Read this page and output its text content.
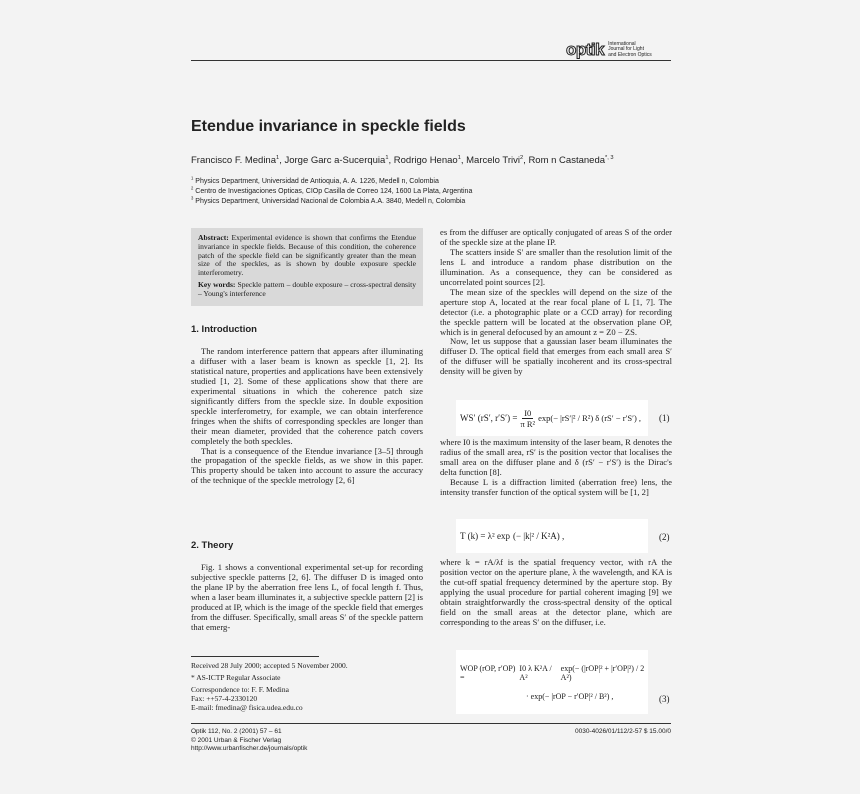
optik International
Journal for Light
and Electron Optics
Etendue invariance in speckle fields
Francisco F. Medina$^1$, Jorge Garc a-Sucerquia$^1$, Rodrigo Henao$^1$, Marcelo Trivi$^2$, Rom n Castaneda$^{*, 3}$
$^1$ Physics Department, Universidad de Antioquia, A. A. 1226, Medell n, Colombia
$^2$ Centro de Investigaciones Opticas, CIOp Casilla de Correo 124, 1600 La Plata, Argentina
$^3$ Physics Department, Universidad Nacional de Colombia A.A. 3840, Medell n, Colombia
Abstract: Experimental evidence is shown that confirms the Etendue invariance in speckle fields. Because of this condition, the coherence patch of the speckle field can be significantly greater than the mean size of the speckles, as is shown by double exposure speckle interferometry.
Key words: Speckle pattern – double exposure – cross-spectral density – Young's interference
1. Introduction

The random interference pattern that appears after illuminating a diffuser with a laser beam is known as speckle [1, 2]. Its statistical nature, properties and applications have been extensively studied [1, 2]. Some of these applications show that there are experimental situations in which the coherence patch size significantly differs from the speckle size. In double exposition speckle interferometry, for example, we can obtain interference fringes when the shifts of corresponding speckles are longer than their mean diameter, provided that the coherence patch covers completely the both speckles.

That is a consequence of the Etendue invariance [3–5] through the propagation of the speckle fields, as we show in this paper. This property should be taken into account to assure the accuracy of the technique of the speckle metrology [2, 6]

2. Theory

Fig. 1 shows a conventional experimental set-up for recording subjective speckle patterns [2, 6]. The diffuser D is imaged onto the plane IP by the aberration free lens L, of focal length f. Thus, when a laser beam illuminates it, a subjective speckle pattern [2] is produced at IP, which is the image of the speckle field that emerges from the diffuser. Specifically, small areas S′ of the speckle pattern that emerg-

Received 28 July 2000; accepted 5 November 2000.
* AS-ICTP Regular Associate
Correspondence to: F. F. Medina
Fax: ++57-4-2330120
E-mail: fmedina@ fisica.udea.edu.co

es from the diffuser are optically conjugated of areas S of the order of the speckle size at the plane IP.

The scatters inside S′ are smaller than the resolution limit of the lens L and introduce a random phase distribution on the illumination. As a consequence, they can be considered as uncorrelated point sources [2].

The mean size of the speckles will depend on the size of the aperture stop A, located at the rear focal plane of L [1, 7]. The detector (i.e. a photographic plate or a CCD array) for recording the speckle pattern will be located at the observation plane OP, which is in general defocused by an amount z = Z0 − ZS.

Now, let us suppose that a gaussian laser beam illuminates the diffuser D. The optical field that emerges from each small area S′ of the diffuser will be spatially incoherent and its cross-spectral density will be given by

WS′ (rS′, $r'S') = \frac{I0}{\text{π R²}} \exp(- |rS'|^2 / R^2)$ δ (rS′ − r′S′) , (1)

where I0 is the maximum intensity of the laser beam, R denotes the radius of the small area, rS′ is the position vector that localises the small area on the diffuser plane and δ (rS′ − r′S′) is the Dirac's delta function [8].

Because L is a diffraction limited (aberration free) lens, the intensity transfer function of the optical system will be [1, 2]

T (k) = λ² exp (− |k|² / K²A) ,	(2)

where k = rA/λf is the spatial frequency vector, with rA the position vector on the aperture plane, λ the wavelength, and KA is the cut-off spatial frequency determined by the aperture stop. By applying the usual procedure for partial coherent imaging [9] we obtain straightforwardly the cross-spectral density of the optical field on the small areas at the detector plane, which are corresponding to the areas S′ on the diffuser, i.e.

WOP (rOP, r′OP) =
I0 λ K²A / A²
exp(− (|rOP|² + |r′OP|²) / 2 A²)
· exp(− |rOP − r′OP|² / B²) ,	(3)
Optik 112, No. 2 (2001) 57 – 61
© 2001 Urban & Fischer Verlag
http://www.urbanfischer.de/journals/optik
0030-4026/01/112/2-57 $ 15.00/0
